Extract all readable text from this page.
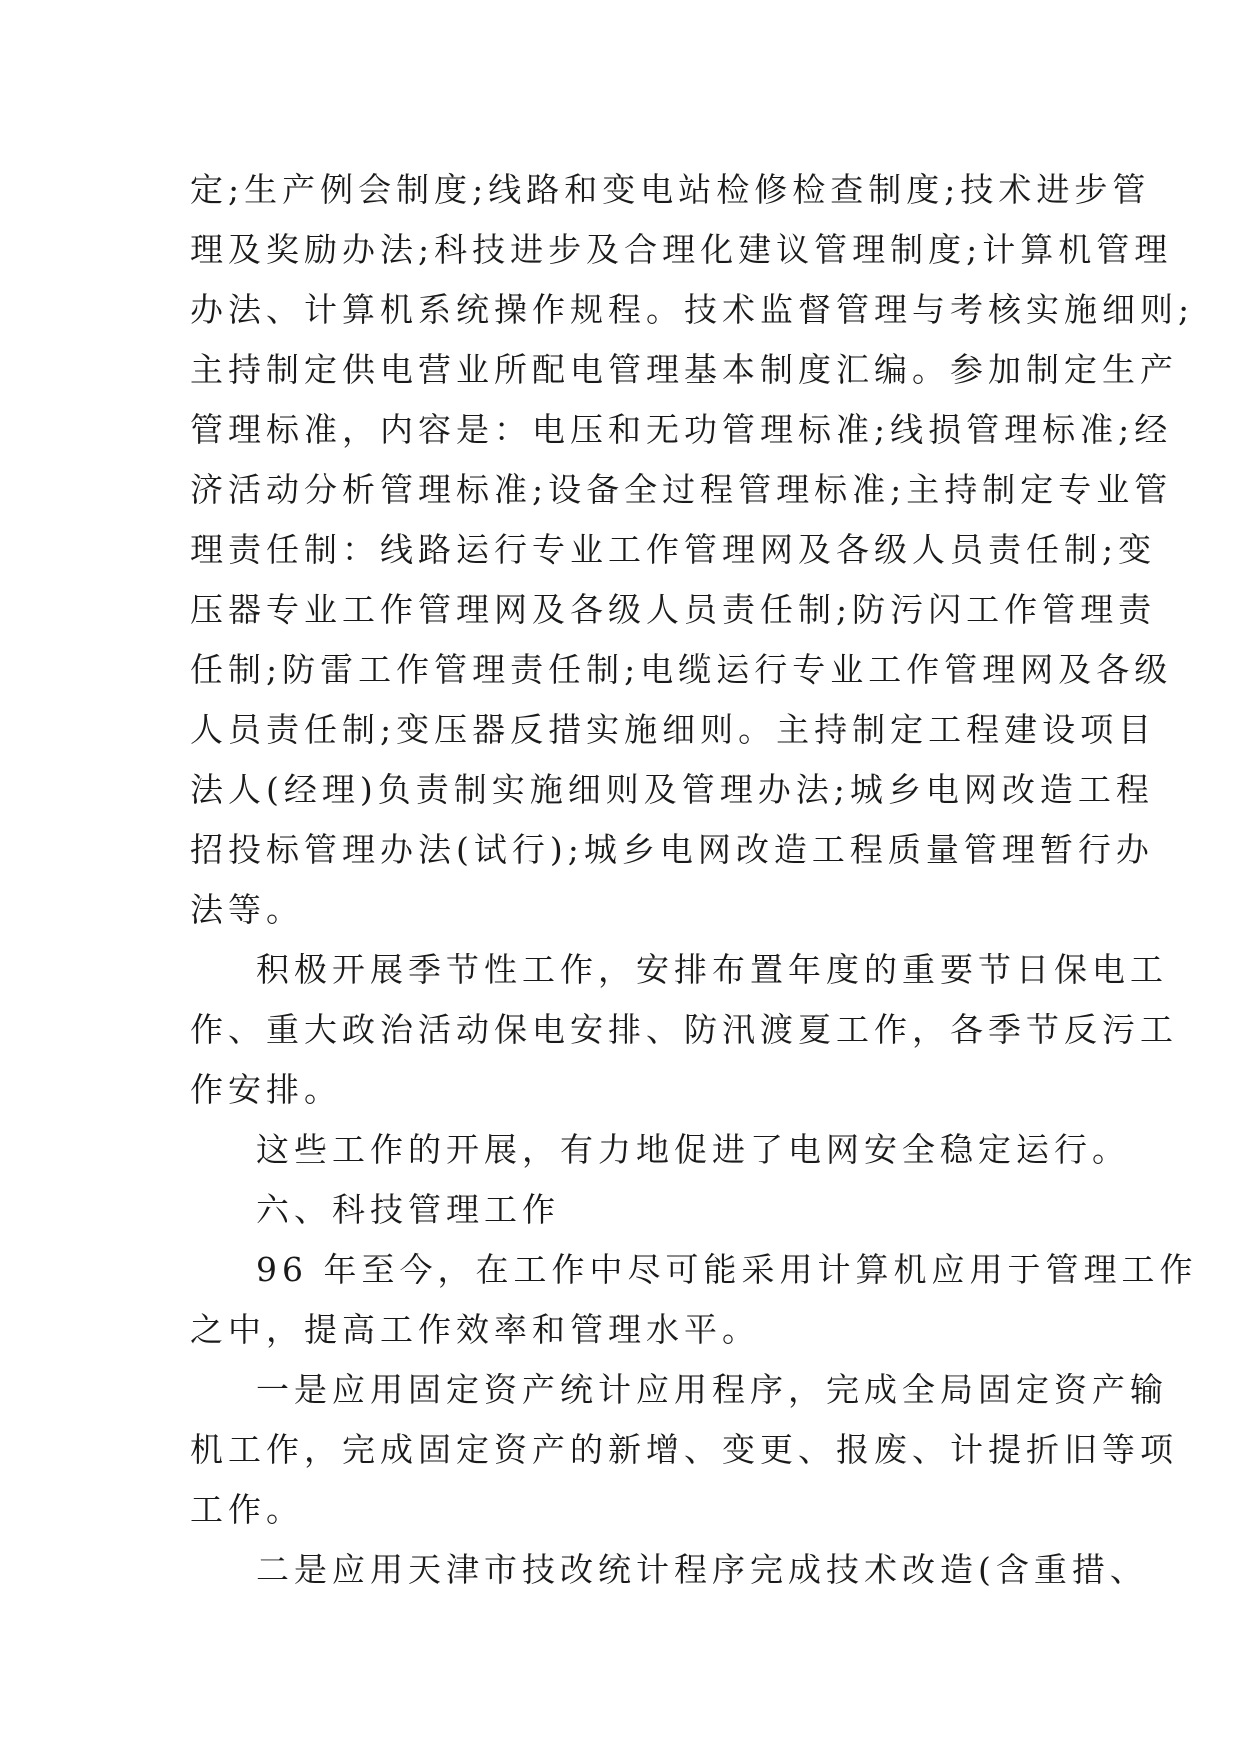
定;生产例会制度;线路和变电站检修检查制度;技术进步管
理及奖励办法;科技进步及合理化建议管理制度;计算机管理
办法、计算机系统操作规程。技术监督管理与考核实施细则;
主持制定供电营业所配电管理基本制度汇编。参加制定生产
管理标准，内容是：电压和无功管理标准;线损管理标准;经
济活动分析管理标准;设备全过程管理标准;主持制定专业管
理责任制：线路运行专业工作管理网及各级人员责任制;变
压器专业工作管理网及各级人员责任制;防污闪工作管理责
任制;防雷工作管理责任制;电缆运行专业工作管理网及各级
人员责任制;变压器反措实施细则。主持制定工程建设项目
法人(经理)负责制实施细则及管理办法;城乡电网改造工程
招投标管理办法(试行);城乡电网改造工程质量管理暂行办
法等。
积极开展季节性工作，安排布置年度的重要节日保电工
作、重大政治活动保电安排、防汛渡夏工作，各季节反污工
作安排。
这些工作的开展，有力地促进了电网安全稳定运行。
六、科技管理工作
96 年至今，在工作中尽可能采用计算机应用于管理工作
之中，提高工作效率和管理水平。
一是应用固定资产统计应用程序，完成全局固定资产输
机工作，完成固定资产的新增、变更、报废、计提折旧等项
工作。
二是应用天津市技改统计程序完成技术改造(含重措、
